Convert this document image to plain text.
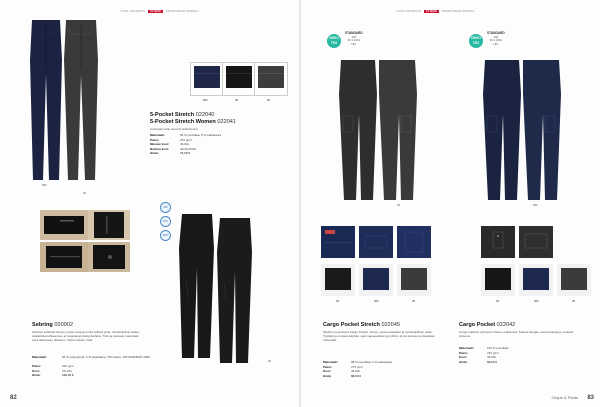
YOUR CONTENTS CLIQUE PROMOWEAR NORWAY
580
99
580	99	95
5-Pocket Stretch 022040
5-Pocket Stretch Women 022041
Joukowski teille olevat 5-taskuhousut
Materiaali:	95 % puuvillaa, 5 % elastaania
Paino:	270 g/m²
Miesten koot:	46-62L
Naisten koot:	34/30-46/30
Hinta:	74,00 €
99
WP
TPU
MVP
Sebring 020902
Tekniset softshell-housut, joissa vettä ja tuulta hylkivä pinta. Vetoketjulliset taskut, säädettävä lahkeensuu ja heijastavat yksityiskohdat. Tiivis ja joustava materiaali, sopii aktiiviseen ulkoiluun. Myös naisten malli.
Materiaali:	94 % polyesteriä, 6 % elastaania, TPU-kalvo, WP 8000/MVP 2000
Paino:	320 g/m²
Koot:	XS-3XL
Hinta:	109,00 €
82
YOUR CONTENTS CLIQUE PROMOWEAR NORWAY
OEKO
TEX
STANDARD
100
20.1.1031
HKI
OEKO
TEX
STANDARD
100
20.1.1031
HKI
99	580
99	580	95	99	580	95
Cargo Pocket Stretch 022045
Moderni ja joustava Cargo Pocket -housu, jossa reisitaskut ja vetoketjullinen tasku. Tyylikäs ja mukava käyttää, sopii vapaa-aikaan ja työhön. Hyvä istuvuus ja laadukas materiaali.
Materiaali:	98 % puuvillaa, 2 % elastaania
Paino:	275 g/m²
Koot:	46-60L
Hinta:	88,00 €
Cargo Pocket 022042
Cargo-mallinen työhousu Clique-mallistosta. Tukeva kangas, useita taskuja ja mukava istuvuus.
Materiaali:	100 % puuvillaa
Paino:	270 g/m²
Koot:	46-60L
Hinta:	69,00 €
Clique & Pants 83
